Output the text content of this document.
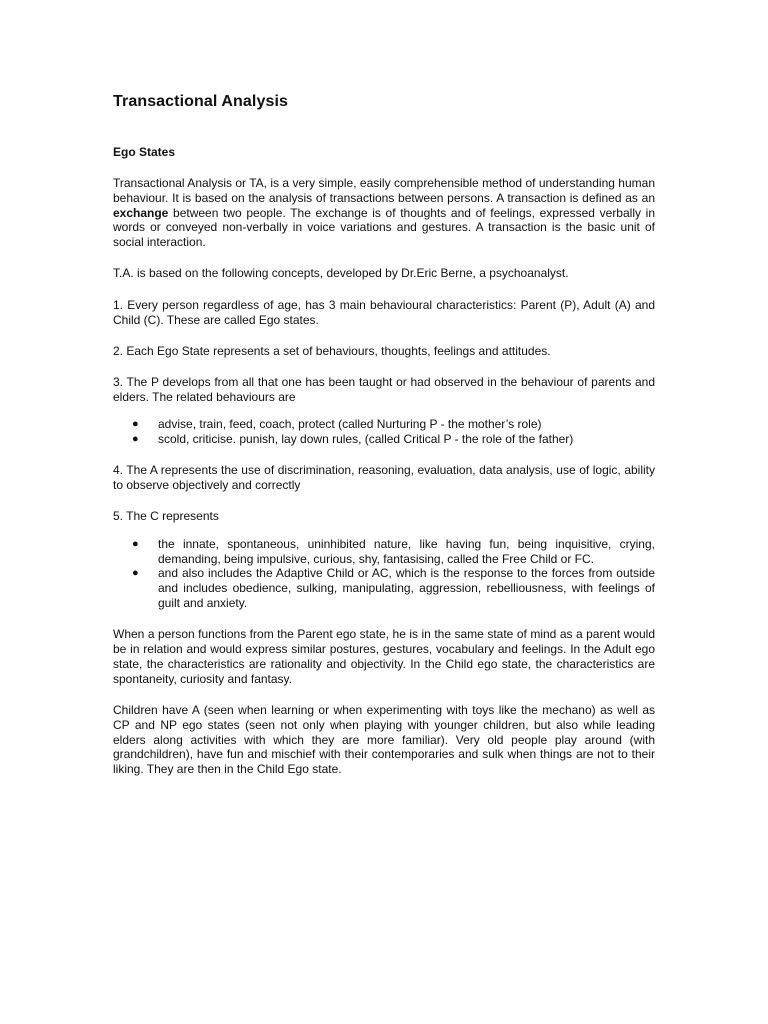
Transactional Analysis
Ego States

Transactional Analysis or TA, is a very simple, easily comprehensible method of understanding human behaviour. It is based on the analysis of transactions between persons. A transaction is defined as an exchange between two people. The exchange is of thoughts and of feelings, expressed verbally in words or conveyed non-verbally in voice variations and gestures. A transaction is the basic unit of social interaction.

T.A. is based on the following concepts, developed by Dr.Eric Berne, a psychoanalyst.

1. Every person regardless of age, has 3 main behavioural characteristics: Parent (P), Adult (A) and Child (C). These are called Ego states.

2. Each Ego State represents a set of behaviours, thoughts, feelings and attitudes.

3. The P develops from all that one has been taught or had observed in the behaviour of parents and elders. The related behaviours are

● advise, train, feed, coach, protect (called Nurturing P - the mother’s role)
● scold, criticise. punish, lay down rules, (called Critical P - the role of the father)

4. The A represents the use of discrimination, reasoning, evaluation, data analysis, use of logic, ability to observe objectively and correctly

5. The C represents

● the innate, spontaneous, uninhibited nature, like having fun, being inquisitive, crying, demanding, being impulsive, curious, shy, fantasising, called the Free Child or FC.
● and also includes the Adaptive Child or AC, which is the response to the forces from outside and includes obedience, sulking, manipulating, aggression, rebelliousness, with feelings of guilt and anxiety.

When a person functions from the Parent ego state, he is in the same state of mind as a parent would be in relation and would express similar postures, gestures, vocabulary and feelings. In the Adult ego state, the characteristics are rationality and objectivity. In the Child ego state, the characteristics are spontaneity, curiosity and fantasy.

Children have A (seen when learning or when experimenting with toys like the mechano) as well as CP and NP ego states (seen not only when playing with younger children, but also while leading elders along activities with which they are more familiar). Very old people play around (with grandchildren), have fun and mischief with their contemporaries and sulk when things are not to their liking. They are then in the Child Ego state.
